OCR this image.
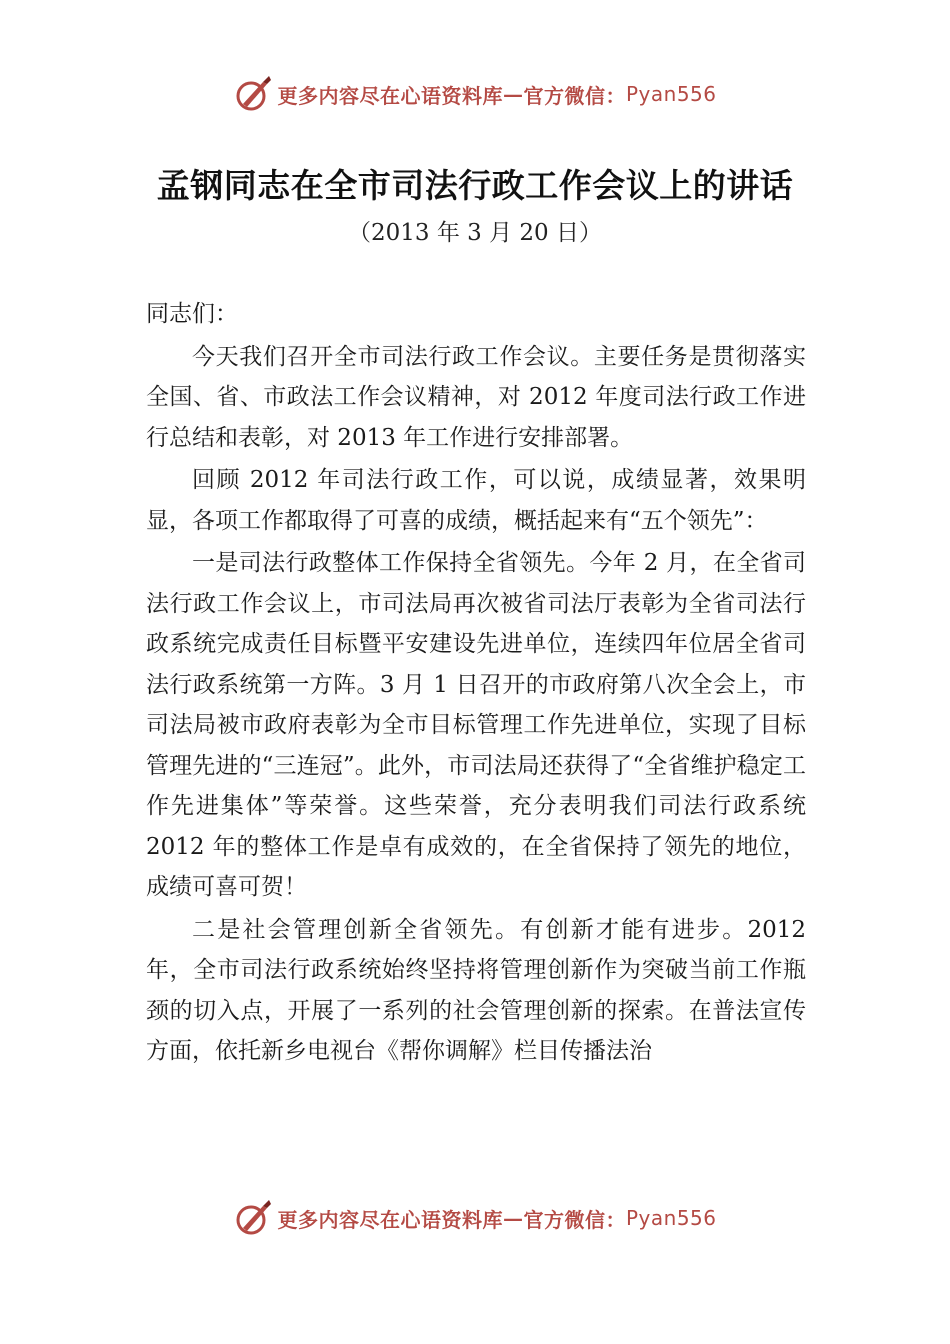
更多内容尽在心语资料库 — 官方微信： Pyan556
孟钢同志在全市司法行政工作会议上的讲话
（2013 年 3 月 20 日）

同志们：

今天我们召开全市司法行政工作会议。主要任务是贯彻落实全国、省、市政法工作会议精神，对 2012 年度司法行政工作进行总结和表彰，对 2013 年工作进行安排部署。

回顾 2012 年司法行政工作，可以说，成绩显著，效果明显，各项工作都取得了可喜的成绩，概括起来有“五个领先”：

一是司法行政整体工作保持全省领先。今年 2 月，在全省司法行政工作会议上，市司法局再次被省司法厅表彰为全省司法行政系统完成责任目标暨平安建设先进单位，连续四年位居全省司法行政系统第一方阵。3 月 1 日召开的市政府第八次全会上，市司法局被市政府表彰为全市目标管理工作先进单位，实现了目标管理先进的“三连冠”。此外，市司法局还获得了“全省维护稳定工作先进集体”等荣誉。这些荣誉，充分表明我们司法行政系统 2012 年的整体工作是卓有成效的，在全省保持了领先的地位，成绩可喜可贺！

二是社会管理创新全省领先。有创新才能有进步。2012 年，全市司法行政系统始终坚持将管理创新作为突破当前工作瓶颈的切入点，开展了一系列的社会管理创新的探索。在普法宣传方面，依托新乡电视台《帮你调解》栏目传播法治

更多内容尽在心语资料库 — 官方微信： Pyan556
